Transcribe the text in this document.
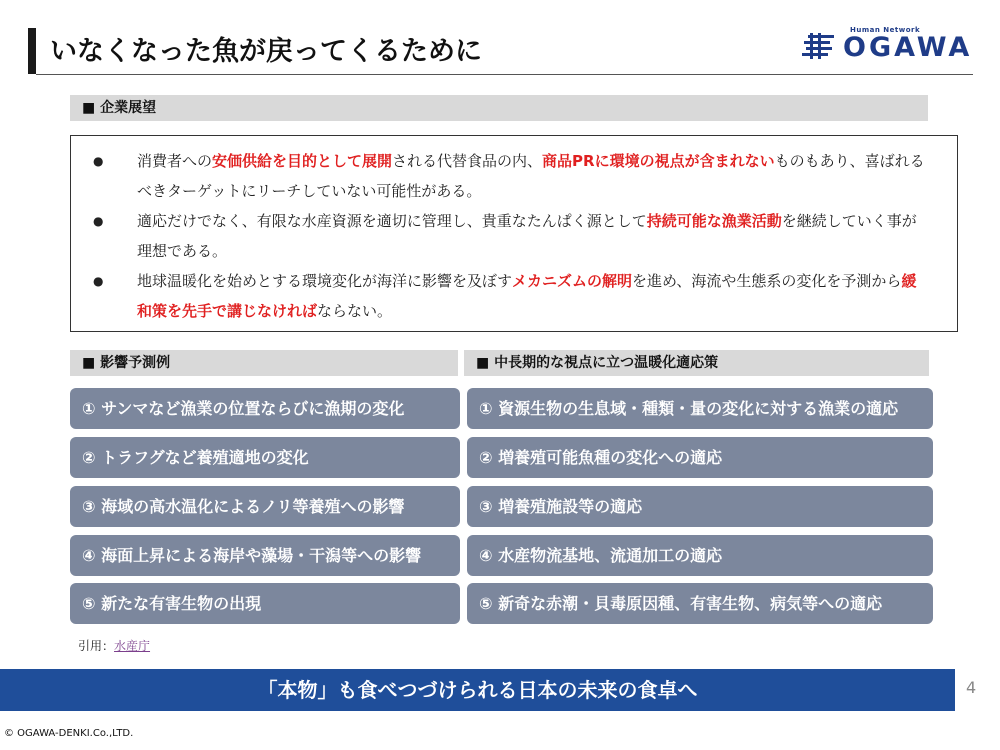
いなくなった魚が戻ってくるために
Human Network
OGAWA
■ 企業展望
● 消費者への安価供給を目的として展開される代替食品の内、商品PRに環境の視点が含まれないものもあり、喜ばれるべきターゲットにリーチしていない可能性がある。
● 適応だけでなく、有限な水産資源を適切に管理し、貴重なたんぱく源として持続可能な漁業活動を継続していく事が理想である。
● 地球温暖化を始めとする環境変化が海洋に影響を及ぼすメカニズムの解明を進め、海流や生態系の変化を予測から緩和策を先手で講じなければならない。
■ 影響予測例	■ 中長期的な視点に立つ温暖化適応策
① サンマなど漁業の位置ならびに漁期の変化
② トラフグなど養殖適地の変化
③ 海域の高水温化によるノリ等養殖への影響
④ 海面上昇による海岸や藻場・干潟等への影響
⑤ 新たな有害生物の出現
① 資源生物の生息域・種類・量の変化に対する漁業の適応
② 増養殖可能魚種の変化への適応
③ 増養殖施設等の適応
④ 水産物流基地、流通加工の適応
⑤ 新奇な赤潮・貝毒原因種、有害生物、病気等への適応
引用：水産庁
「本物」も食べつづけられる日本の未来の食卓へ	4
© OGAWA-DENKI.Co.,LTD.
